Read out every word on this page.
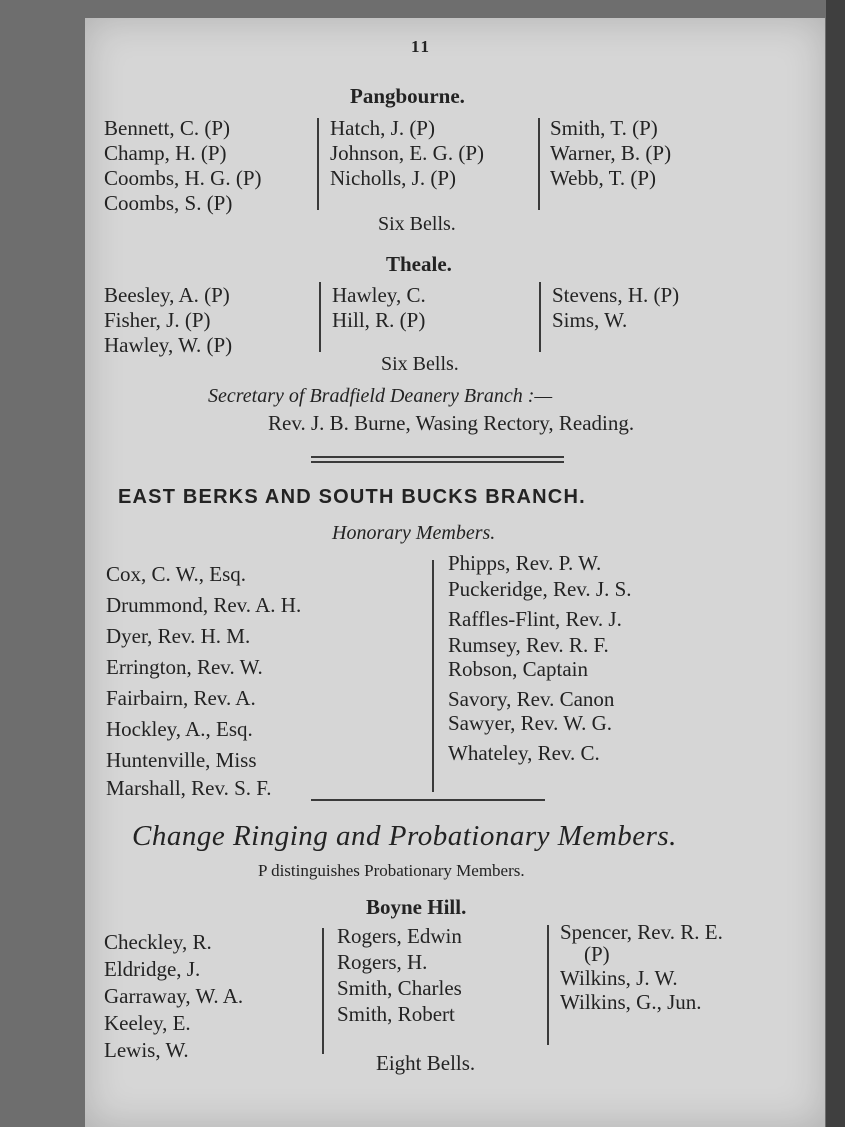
11
Pangbourne.
Bennett, C. (P)
Champ, H. (P)
Coombs, H. G. (P)
Coombs, S. (P)
Hatch, J. (P)
Johnson, E. G. (P)
Nicholls, J. (P)
Smith, T. (P)
Warner, B. (P)
Webb, T. (P)
Six Bells.
Theale.
Beesley, A. (P)
Fisher, J. (P)
Hawley, W. (P)
Hawley, C.
Hill, R. (P)
Stevens, H. (P)
Sims, W.
Six Bells.
Secretary of Bradfield Deanery Branch :—
Rev. J. B. Burne, Wasing Rectory, Reading.
EAST BERKS AND SOUTH BUCKS BRANCH.
Honorary Members.
Cox, C. W., Esq.
Drummond, Rev. A. H.
Dyer, Rev. H. M.
Errington, Rev. W.
Fairbairn, Rev. A.
Hockley, A., Esq.
Huntenville, Miss
Marshall, Rev. S. F.
Phipps, Rev. P. W.
Puckeridge, Rev. J. S.
Raffles-Flint, Rev. J.
Rumsey, Rev. R. F.
Robson, Captain
Savory, Rev. Canon
Sawyer, Rev. W. G.
Whateley, Rev. C.
Change Ringing and Probationary Members.
P distinguishes Probationary Members.
Boyne Hill.
Checkley, R.
Eldridge, J.
Garraway, W. A.
Keeley, E.
Lewis, W.
Rogers, Edwin
Rogers, H.
Smith, Charles
Smith, Robert
Spencer, Rev. R. E.
(P)
Wilkins, J. W.
Wilkins, G., Jun.
Eight Bells.
